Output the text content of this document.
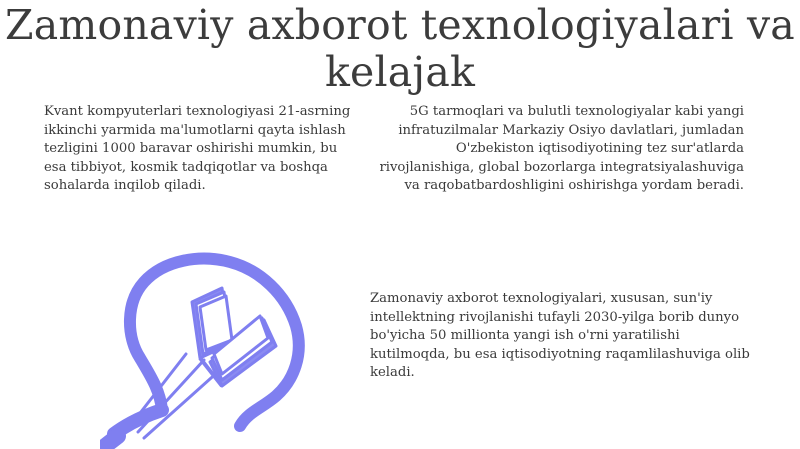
Zamonaviy axborot texnologiyalari va kelajak

Kvant kompyuterlari texnologiyasi 21-asrning ikkinchi yarmida ma'lumotlarni qayta ishlash tezligini 1000 baravar oshirishi mumkin, bu esa tibbiyot, kosmik tadqiqotlar va boshqa sohalarda inqilob qiladi.

5G tarmoqlari va bulutli texnologiyalar kabi yangi infratuzilmalar Markaziy Osiyo davlatlari, jumladan O'zbekiston iqtisodiyotining tez sur'atlarda rivojlanishiga, global bozorlarga integratsiyalashuviga va raqobatbardoshligini oshirishga yordam beradi.

Zamonaviy axborot texnologiyalari, xususan, sun'iy intellektning rivojlanishi tufayli 2030-yilga borib dunyo bo'yicha 50 millionta yangi ish o'rni yaratilishi kutilmoqda, bu esa iqtisodiyotning raqamlilashuviga olib keladi.
